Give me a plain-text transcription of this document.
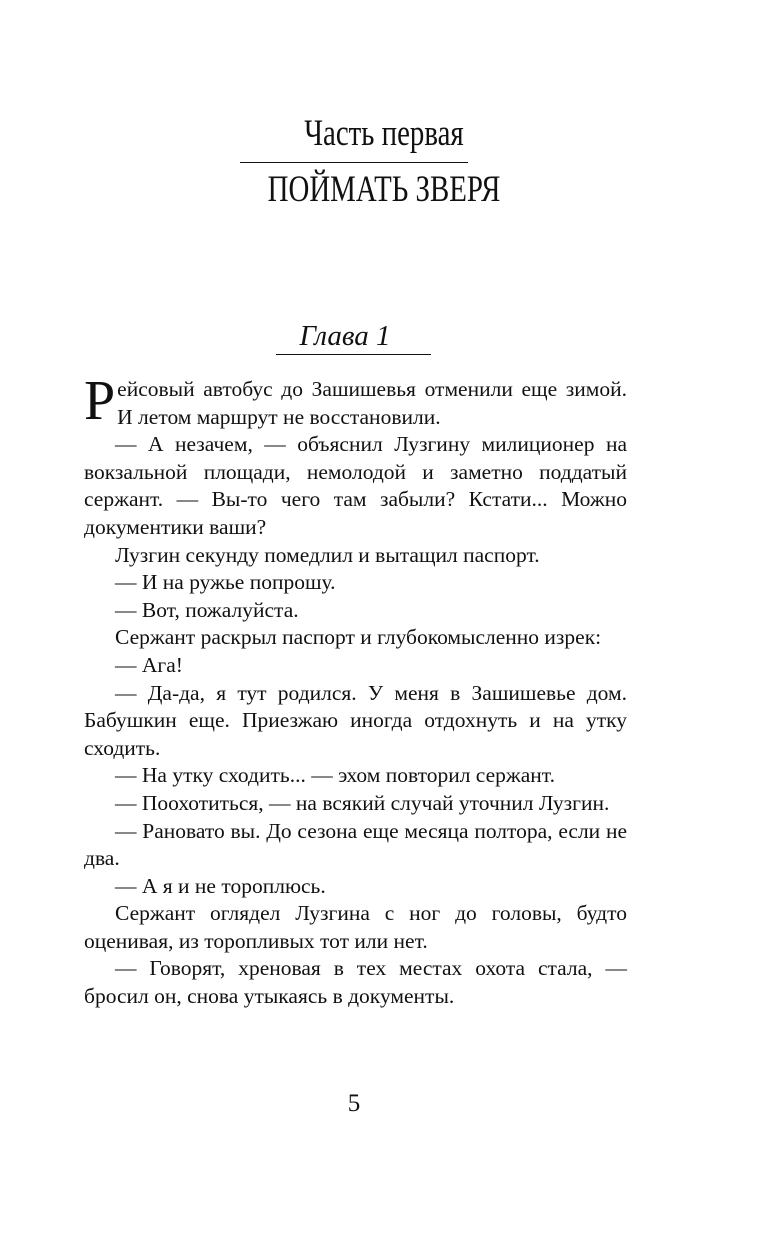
Часть первая
ПОЙМАТЬ ЗВЕРЯ
Глава 1

Рейсовый автобус до Зашишевья отменили еще зимой. И летом маршрут не восстановили.

— А незачем, — объяснил Лузгину милиционер на вокзальной площади, немолодой и заметно поддатый сержант. — Вы-то чего там забыли? Кстати... Можно документики ваши?

Лузгин секунду помедлил и вытащил паспорт.

— И на ружье попрошу.

— Вот, пожалуйста.

Сержант раскрыл паспорт и глубокомысленно изрек:

— Ага!

— Да-да, я тут родился. У меня в Зашишевье дом. Бабушкин еще. Приезжаю иногда отдохнуть и на утку сходить.

— На утку сходить... — эхом повторил сержант.

— Поохотиться, — на всякий случай уточнил Лузгин.

— Рановато вы. До сезона еще месяца полтора, если не два.

— А я и не тороплюсь.

Сержант оглядел Лузгина с ног до головы, будто оценивая, из торопливых тот или нет.

— Говорят, хреновая в тех местах охота стала, — бросил он, снова утыкаясь в документы.

5
